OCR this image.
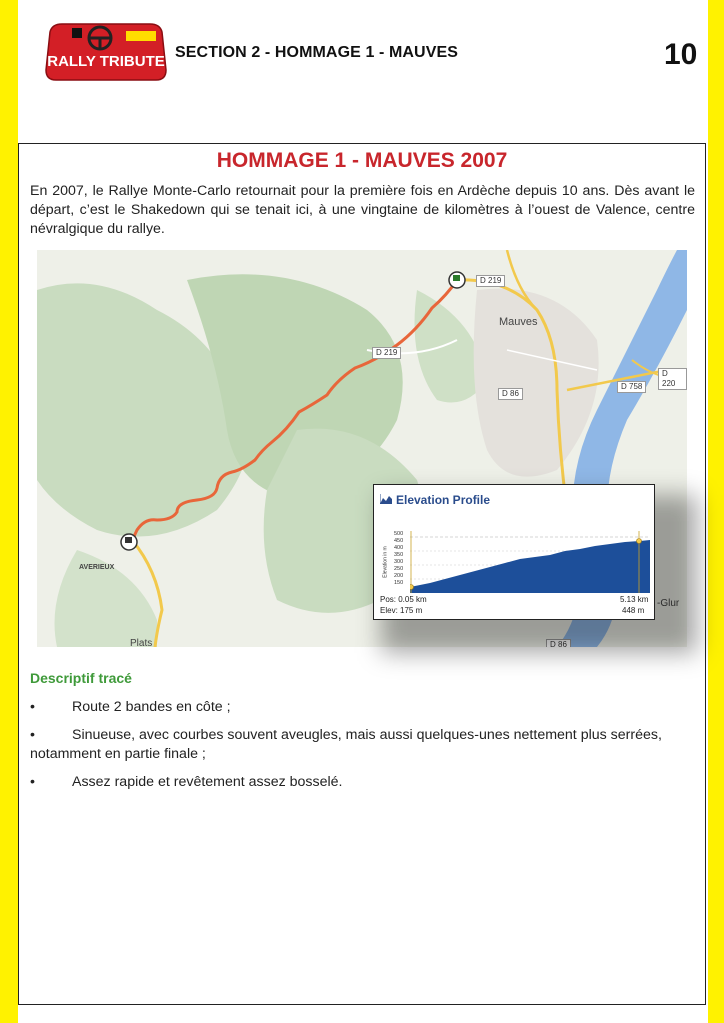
RALLY TRIBUTE
SECTION 2 - HOMMAGE 1 - MAUVES	10
HOMMAGE 1 - MAUVES 2007
En 2007, le Rallye Monte-Carlo retournait pour la première fois en Ardèche depuis 10 ans. Dès avant le départ, c’est le Shakedown qui se tenait ici, à une vingtaine de kilomètres à l’ouest de Valence, centre névralgique du rallye.
D 219
D 219
D 86
D 758
D 220
D 86
Mauves
AVERIEUX
Plats
-Glur
Elevation Profile
Elevation in m
500
450
400
350
300
250
200
150
Pos: 0.05 km	5.13 km
Elev: 175 m	448 m
Descriptif tracé
•	Route 2 bandes en côte ;
•	Sinueuse, avec courbes souvent aveugles, mais aussi quelques-unes nettement plus serrées, notamment en partie finale ;
•	Assez rapide et revêtement assez bosselé.
